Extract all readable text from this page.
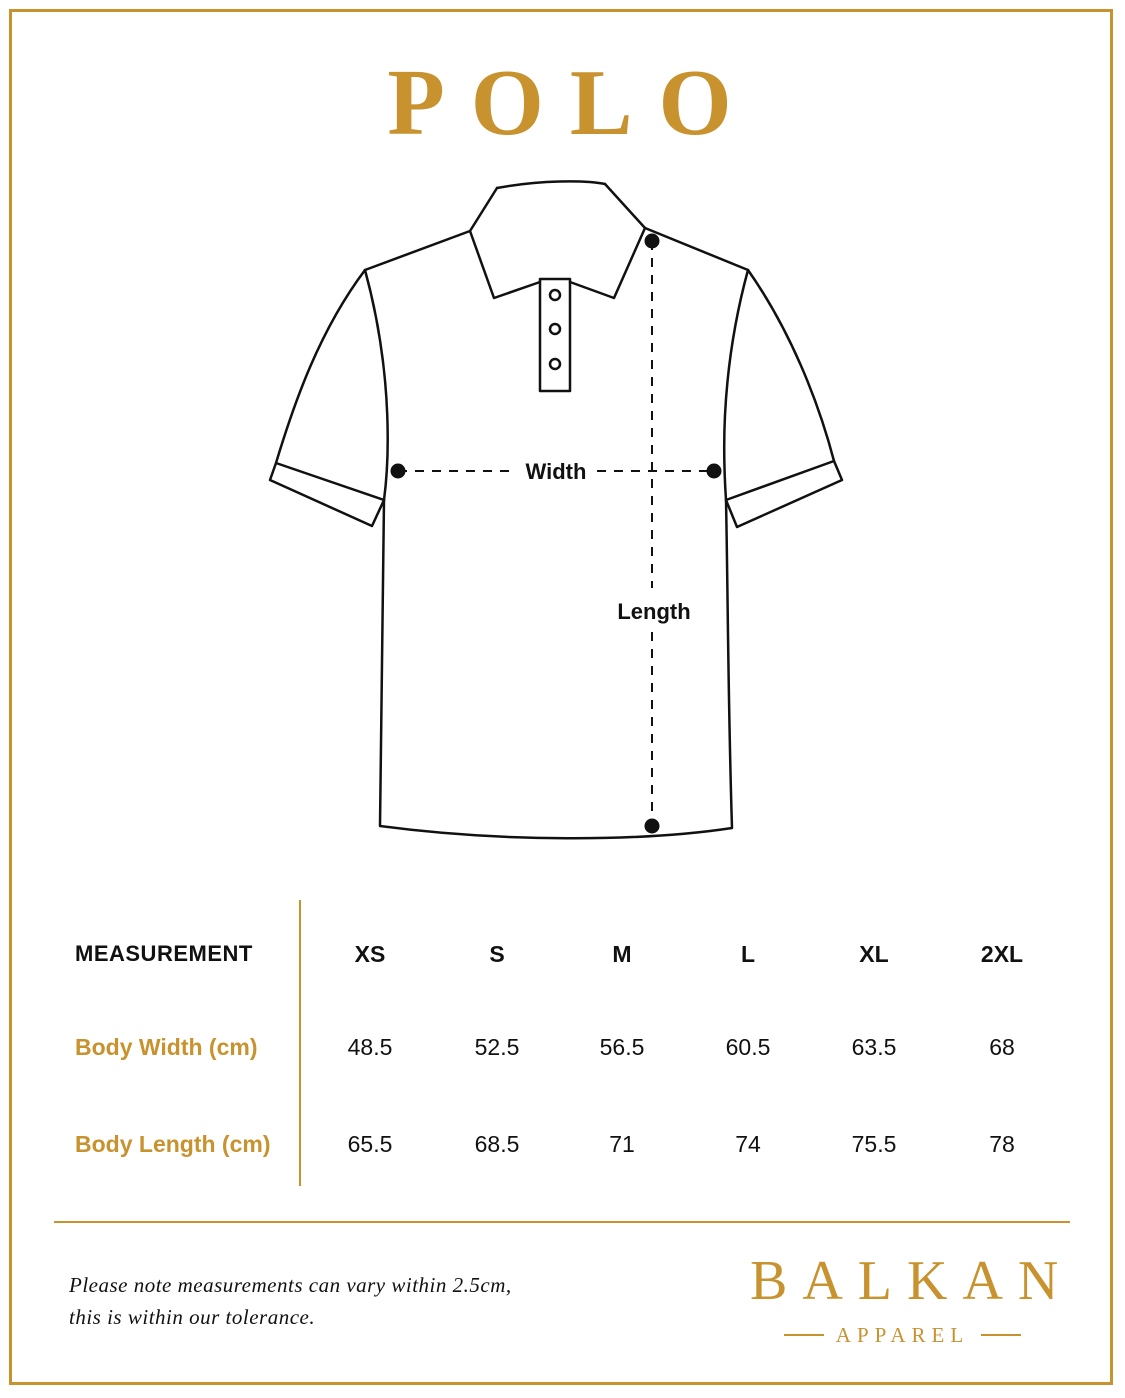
POLO
Width
Length
MEASUREMENT	XS	S	M	L	XL	2XL
Body Width (cm)	48.5	52.5	56.5	60.5	63.5	68
Body Length (cm)	65.5	68.5	71	74	75.5	78
Please note measurements can vary within 2.5cm,
this is within our tolerance.
BALKAN
APPAREL
